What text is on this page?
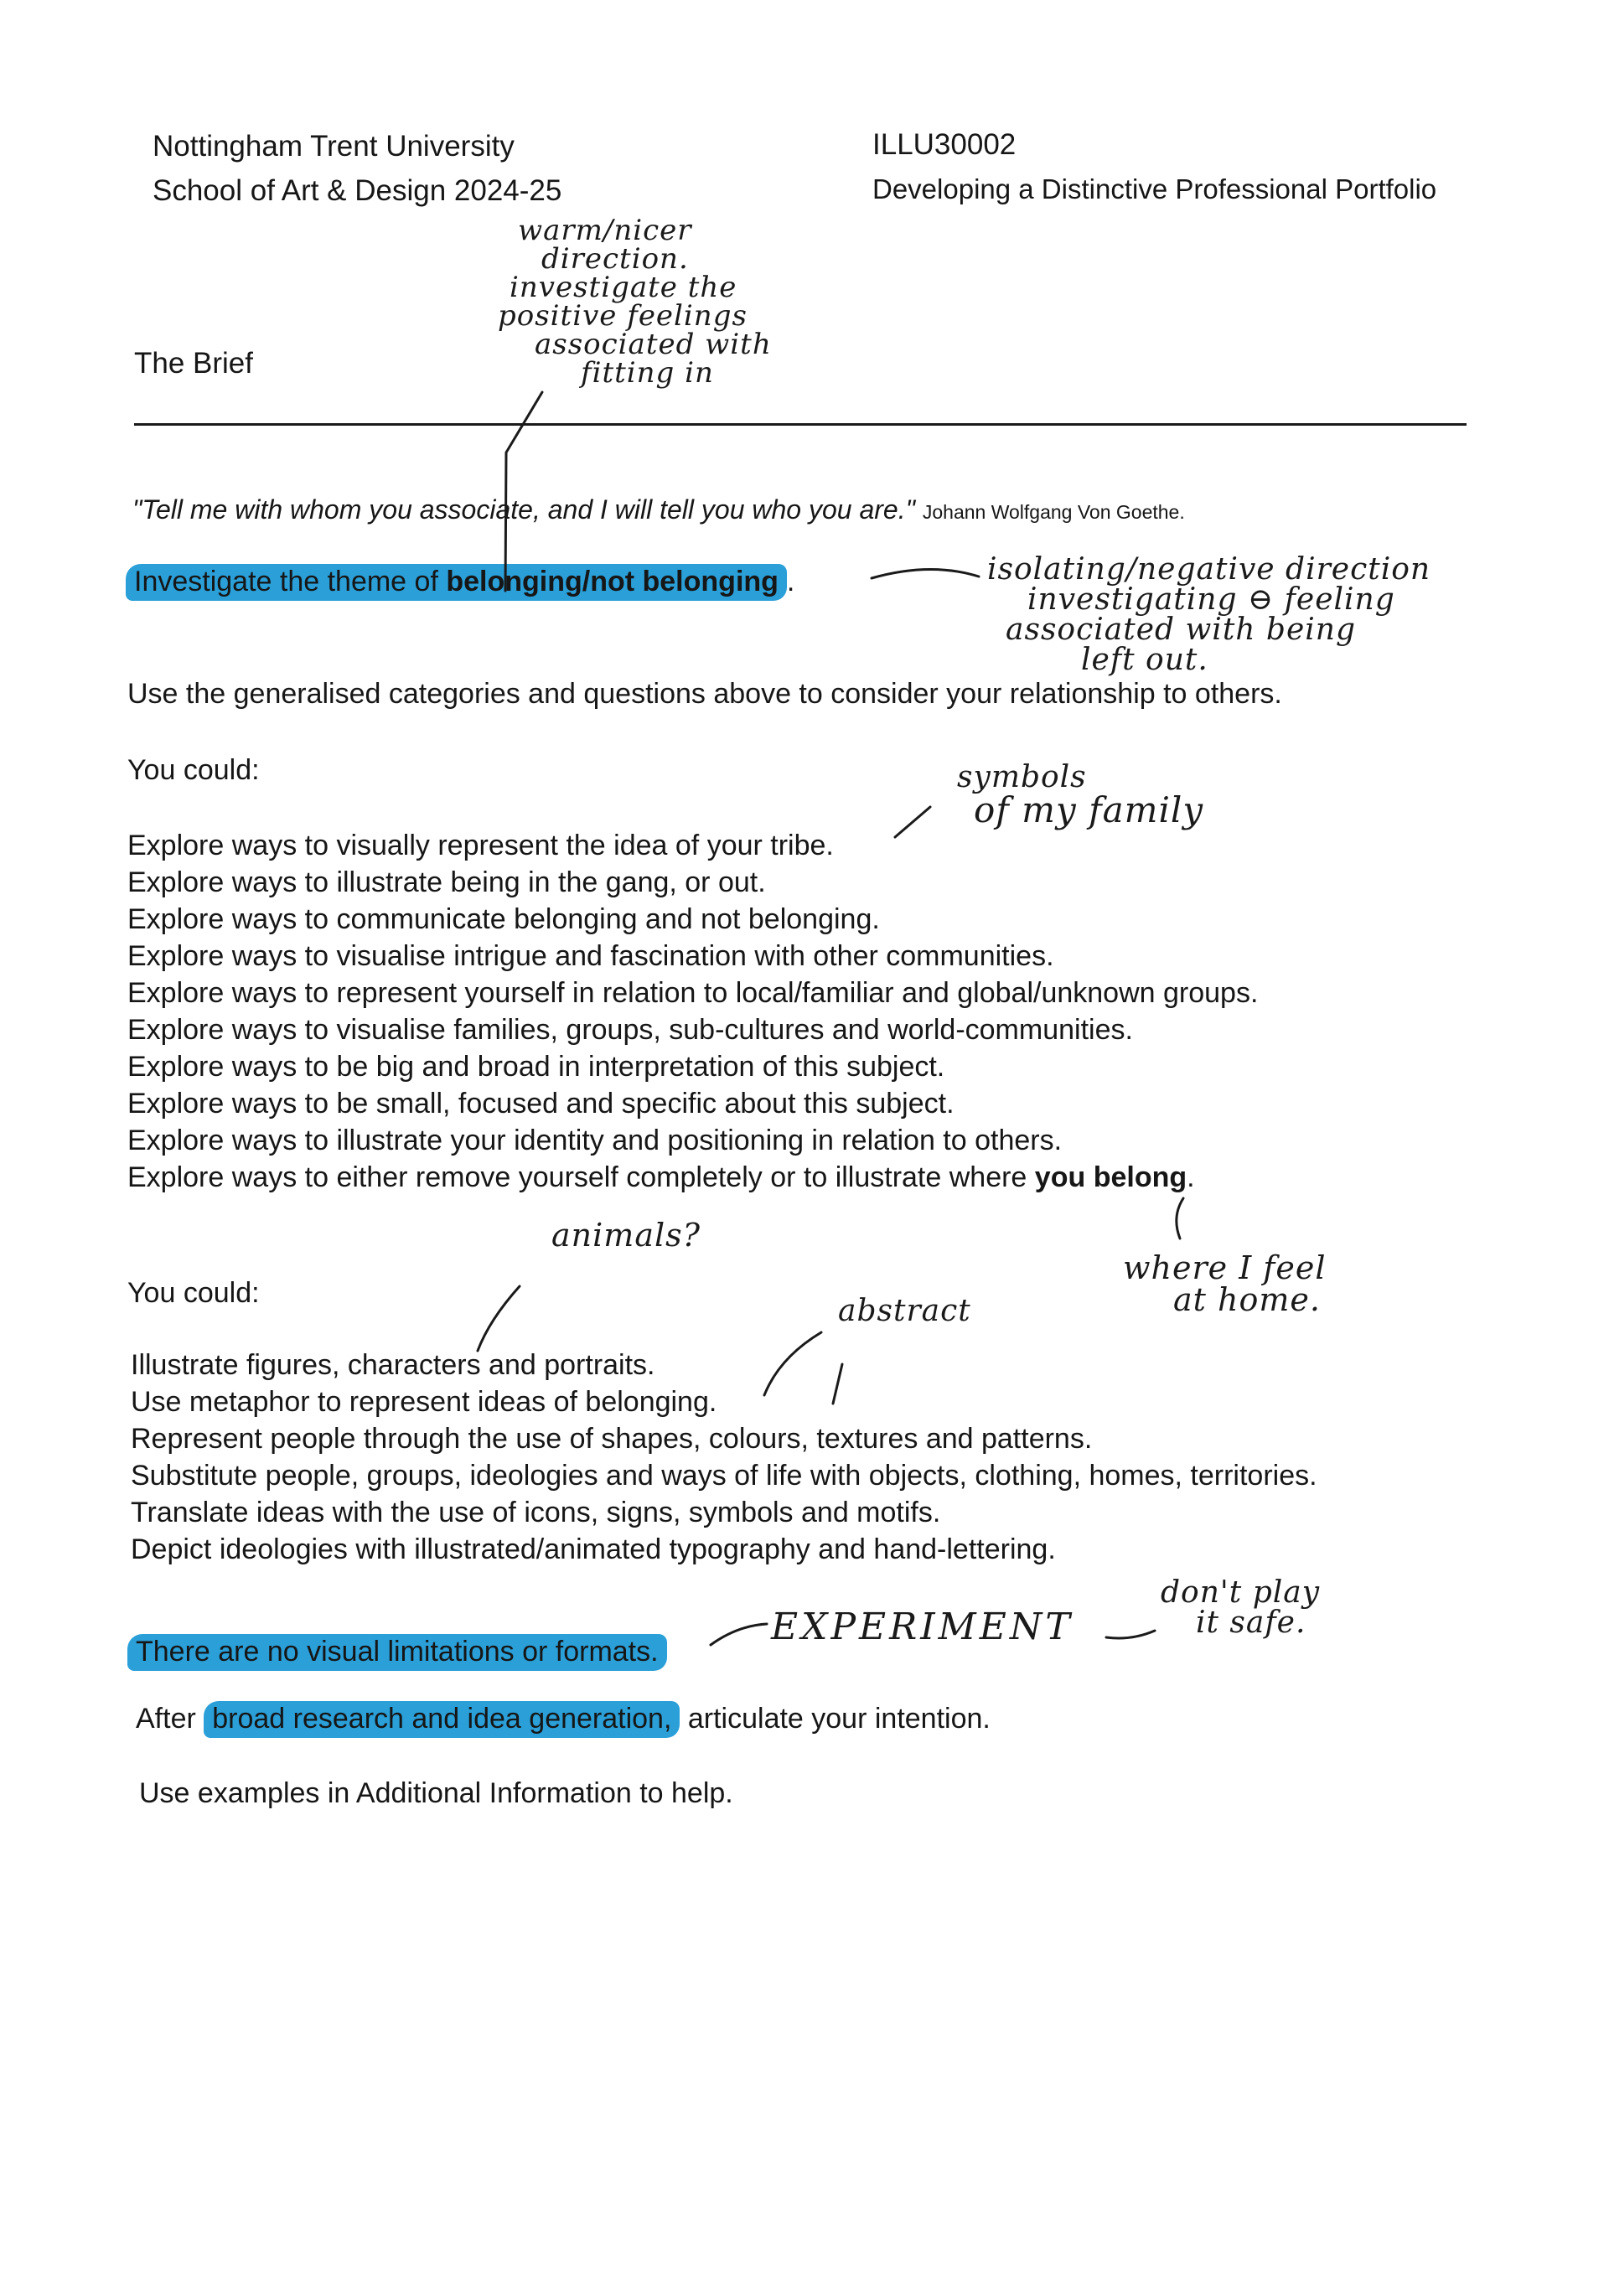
Nottingham Trent University
School of Art & Design 2024-25
ILLU30002
Developing a Distinctive Professional Portfolio
The Brief
"Tell me with whom you associate, and I will tell you who you are." Johann Wolfgang Von Goethe.
Investigate the theme of belonging/not belonging .
Use the generalised categories and questions above to consider your relationship to others.
You could:
Explore ways to visually represent the idea of your tribe.
Explore ways to illustrate being in the gang, or out.
Explore ways to communicate belonging and not belonging.
Explore ways to visualise intrigue and fascination with other communities.
Explore ways to represent yourself in relation to local/familiar and global/unknown groups.
Explore ways to visualise families, groups, sub-cultures and world-communities.
Explore ways to be big and broad in interpretation of this subject.
Explore ways to be small, focused and specific about this subject.
Explore ways to illustrate your identity and positioning in relation to others.
Explore ways to either remove yourself completely or to illustrate where you belong.
You could:
Illustrate figures, characters and portraits.
Use metaphor to represent ideas of belonging.
Represent people through the use of shapes, colours, textures and patterns.
Substitute people, groups, ideologies and ways of life with objects, clothing, homes, territories.
Translate ideas with the use of icons, signs, symbols and motifs.
Depict ideologies with illustrated/animated typography and hand-lettering.
There are no visual limitations or formats.
After broad research and idea generation, articulate your intention.
Use examples in Additional Information to help.
warm/nicer
direction.
investigate the
positive feelings
associated with
fitting in
isolating/negative direction
investigating ⊖ feeling
associated with being
left out.
symbols
of my family
animals?
abstract
where I feel
at home.
EXPERIMENT
don't play
it safe.
